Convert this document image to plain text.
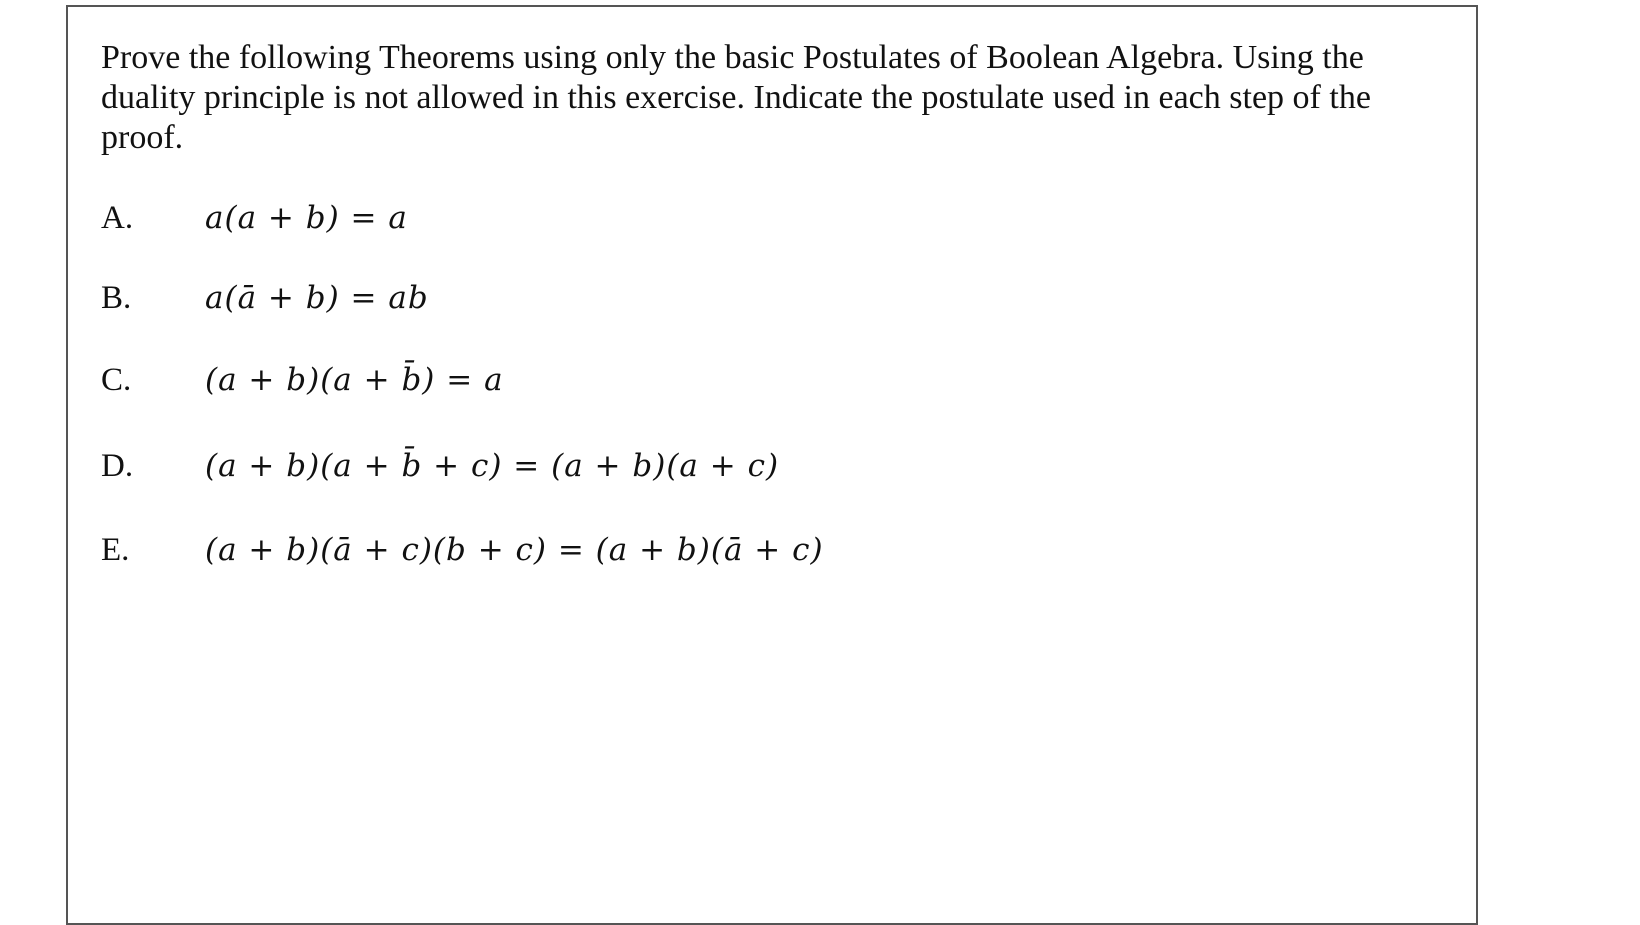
Prove the following Theorems using only the basic Postulates of Boolean Algebra. Using the
duality principle is not allowed in this exercise. Indicate the postulate used in each step of the
proof.
A. a(a + b) = a
B. a(ā + b) = ab
C. (a + b)(a + b̄) = a
D. (a + b)(a + b̄ + c) = (a + b)(a + c)
E. (a + b)(ā + c)(b + c) = (a + b)(ā + c)
